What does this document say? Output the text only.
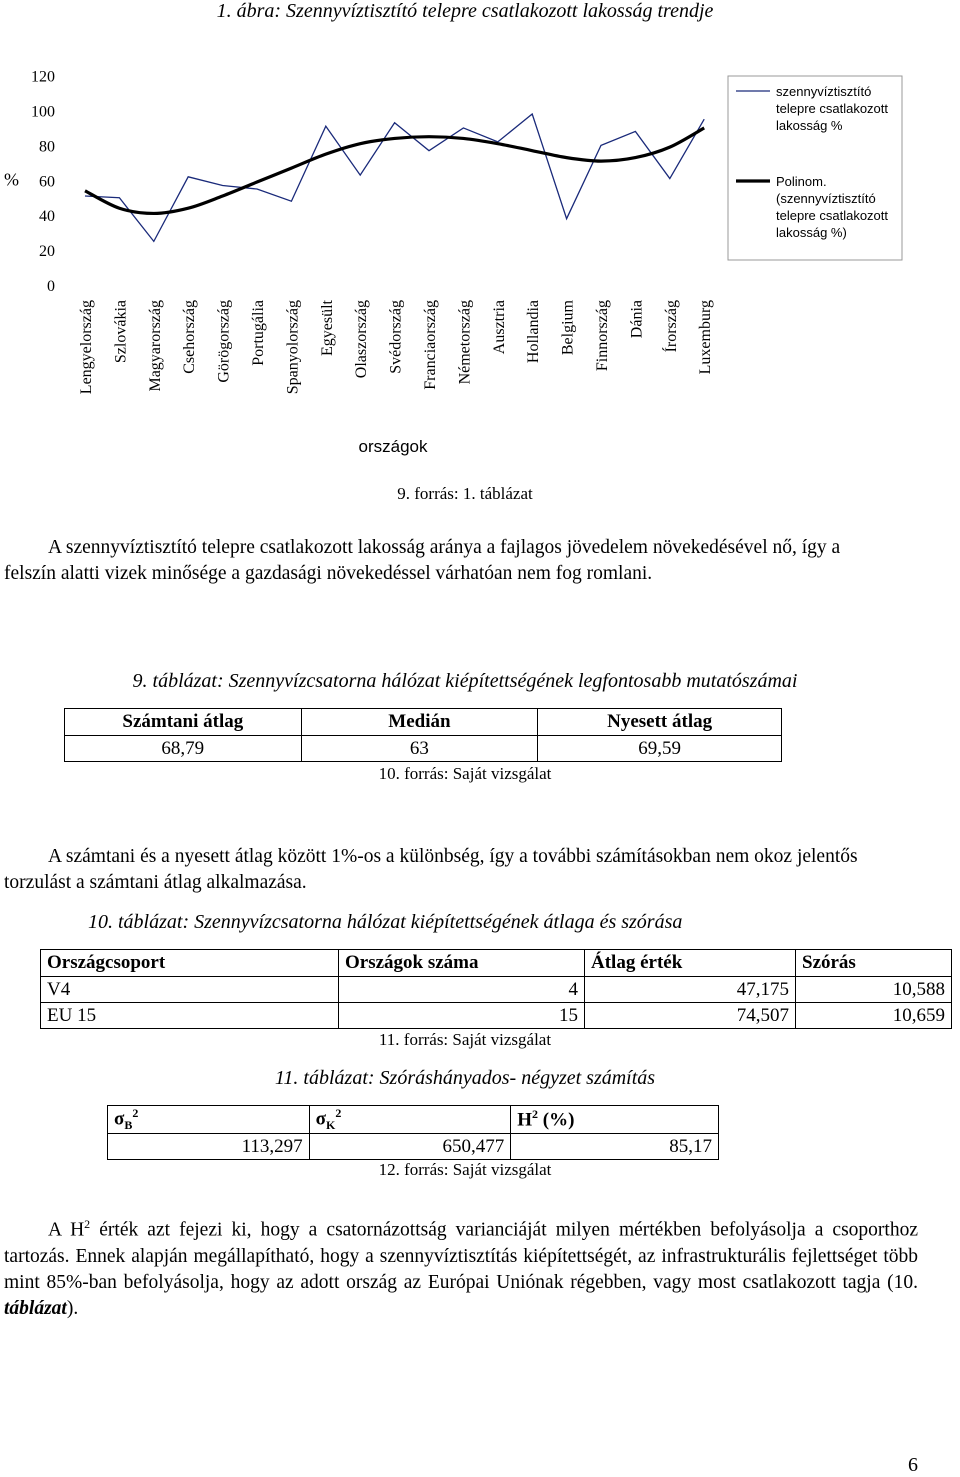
1. ábra: Szennyvíztisztító telepre csatlakozott lakosság trendje
0
20
40
60
80
100
120
%
Lengyelország Szlovákia Magyarország Csehország Görögország Portugália Spanyolország Egyesült Olaszország Svédország Franciaország Németország Ausztria Hollandia Belgium Finnország Dánia Írország Luxemburg
országok
szennyvíztisztító telepre csatlakozott lakosság %
Polinom. (szennyvíztisztító telepre csatlakozott lakosság %)
9. forrás: 1. táblázat
A szennyvíztisztító telepre csatlakozott lakosság aránya a fajlagos jövedelem növekedésével nő, így a felszín alatti vizek minősége a gazdasági növekedéssel várhatóan nem fog romlani.
9. táblázat: Szennyvízcsatorna hálózat kiépítettségének legfontosabb mutatószámai
Számtani átlag	Medián	Nyesett átlag
68,79	63	69,59
10. forrás: Saját vizsgálat
A számtani és a nyesett átlag között 1%-os a különbség, így a további számításokban nem okoz jelentős torzulást a számtani átlag alkalmazása.
10. táblázat: Szennyvízcsatorna hálózat kiépítettségének átlaga és szórása
Országcsoport	Országok száma	Átlag érték	Szórás
V4	4	47,175	10,588
EU 15	15	74,507	10,659
11. forrás: Saját vizsgálat
11. táblázat: Szóráshányados- négyzet számítás
$\sigma_B^2$	$\sigma_K^2$	$H^2$ (%)
113,297	650,477	85,17
12. forrás: Saját vizsgálat
A $H^2$ érték azt fejezi ki, hogy a csatornázottság varianciáját milyen mértékben befolyásolja a csoporthoz tartozás. Ennek alapján megállapítható, hogy a szennyvíztisztítás kiépítettségét, az infrastrukturális fejlettséget több mint 85%-ban befolyásolja, hogy az adott ország az Európai Uniónak régebben, vagy most csatlakozott tagja (10. táblázat).
6
